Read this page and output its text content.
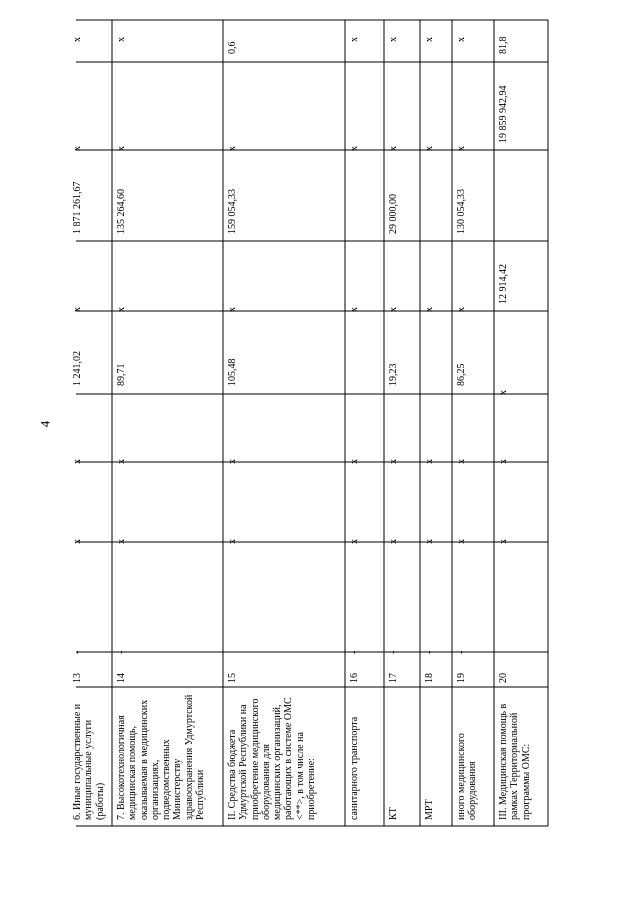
4
6. Иные государственные и муниципальные услуги (работы)
13
-
x
x
1 241,02
x
1 871 261,67
x
x
7. Высокотехнологичная медицинская помощь, оказываемая в медицинских организациях, подведомственных Министерству здравоохранения Удмуртской Республики
14
-
x
x
89,71
x
135 264,60
x
x
II. Средства бюджета Удмуртской Республики на приобретение медицинского оборудования для медицинских организаций, работающих в системе ОМС <**>, в том числе на приобретение:
15
x
x
105,48
x
159 054,33
x
0,6
санитарного транспорта
16
-
x
x
x
x
x
КТ
17
-
x
x
19,23
x
29 000,00
x
x
МРТ
18
-
x
x
x
x
x
иного медицинского оборудования
19
-
x
x
86,25
x
130 054,33
x
x
III. Медицинская помощь в рамках Территориальной программы ОМС:
20
x
x
x
12 914,42
19 859 942,94
81,8
